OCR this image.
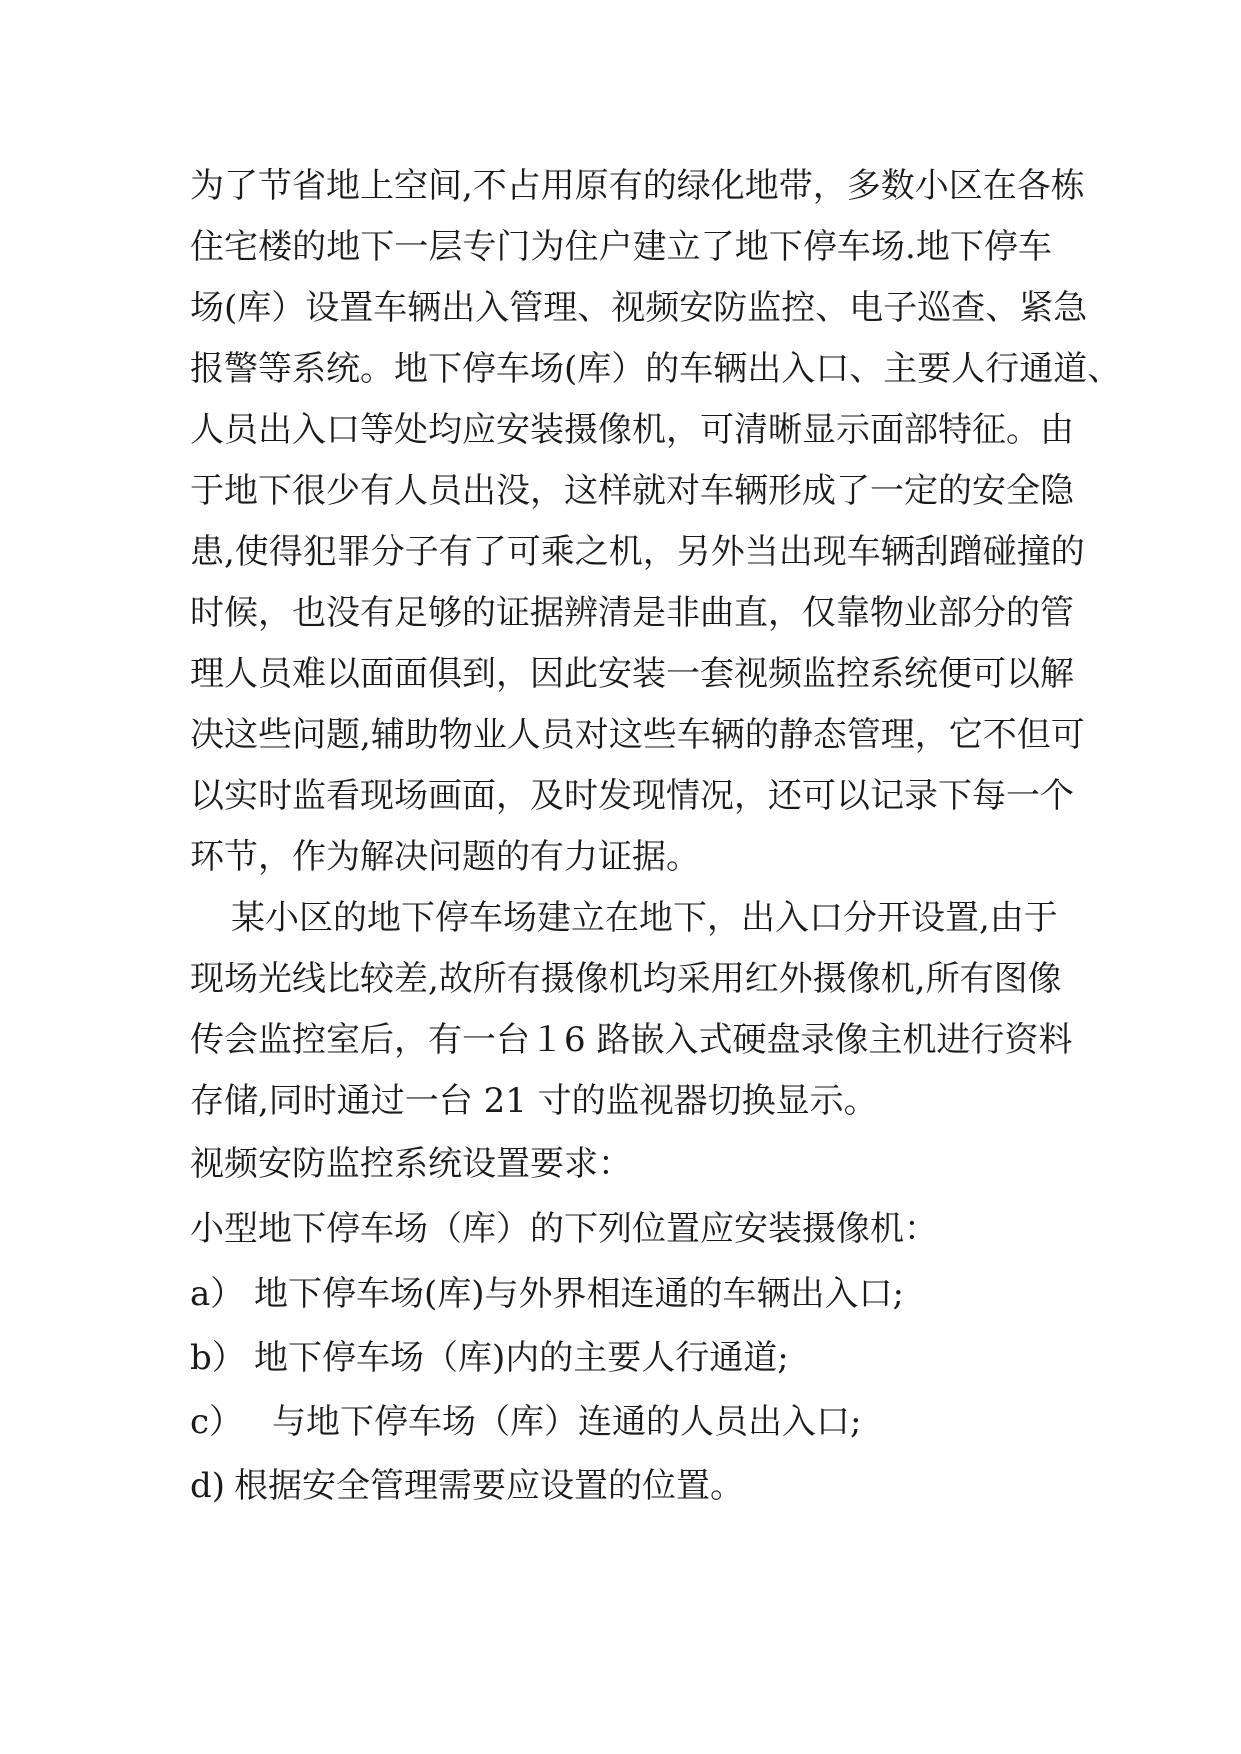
为了节省地上空间,不占用原有的绿化地带，多数小区在各栋
住宅楼的地下一层专门为住户建立了地下停车场.地下停车
场(库）设置车辆出入管理、视频安防监控、电子巡查、紧急
报警等系统。地下停车场(库）的车辆出入口、主要人行通道、
人员出入口等处均应安装摄像机，可清晰显示面部特征。由
于地下很少有人员出没，这样就对车辆形成了一定的安全隐
患,使得犯罪分子有了可乘之机，另外当出现车辆刮蹭碰撞的
时候，也没有足够的证据辨清是非曲直，仅靠物业部分的管
理人员难以面面俱到，因此安装一套视频监控系统便可以解
决这些问题,辅助物业人员对这些车辆的静态管理，它不但可
以实时监看现场画面，及时发现情况，还可以记录下每一个
环节，作为解决问题的有力证据。
某小区的地下停车场建立在地下，出入口分开设置,由于
现场光线比较差,故所有摄像机均采用红外摄像机,所有图像
传会监控室后，有一台１6 路嵌入式硬盘录像主机进行资料
存储,同时通过一台 21 寸的监视器切换显示。
视频安防监控系统设置要求：
小型地下停车场（库）的下列位置应安装摄像机：
a） 地下停车场(库)与外界相连通的车辆出入口;
b） 地下停车场（库)内的主要人行通道;
c） 与地下停车场（库）连通的人员出入口;
d) 根据安全管理需要应设置的位置。
